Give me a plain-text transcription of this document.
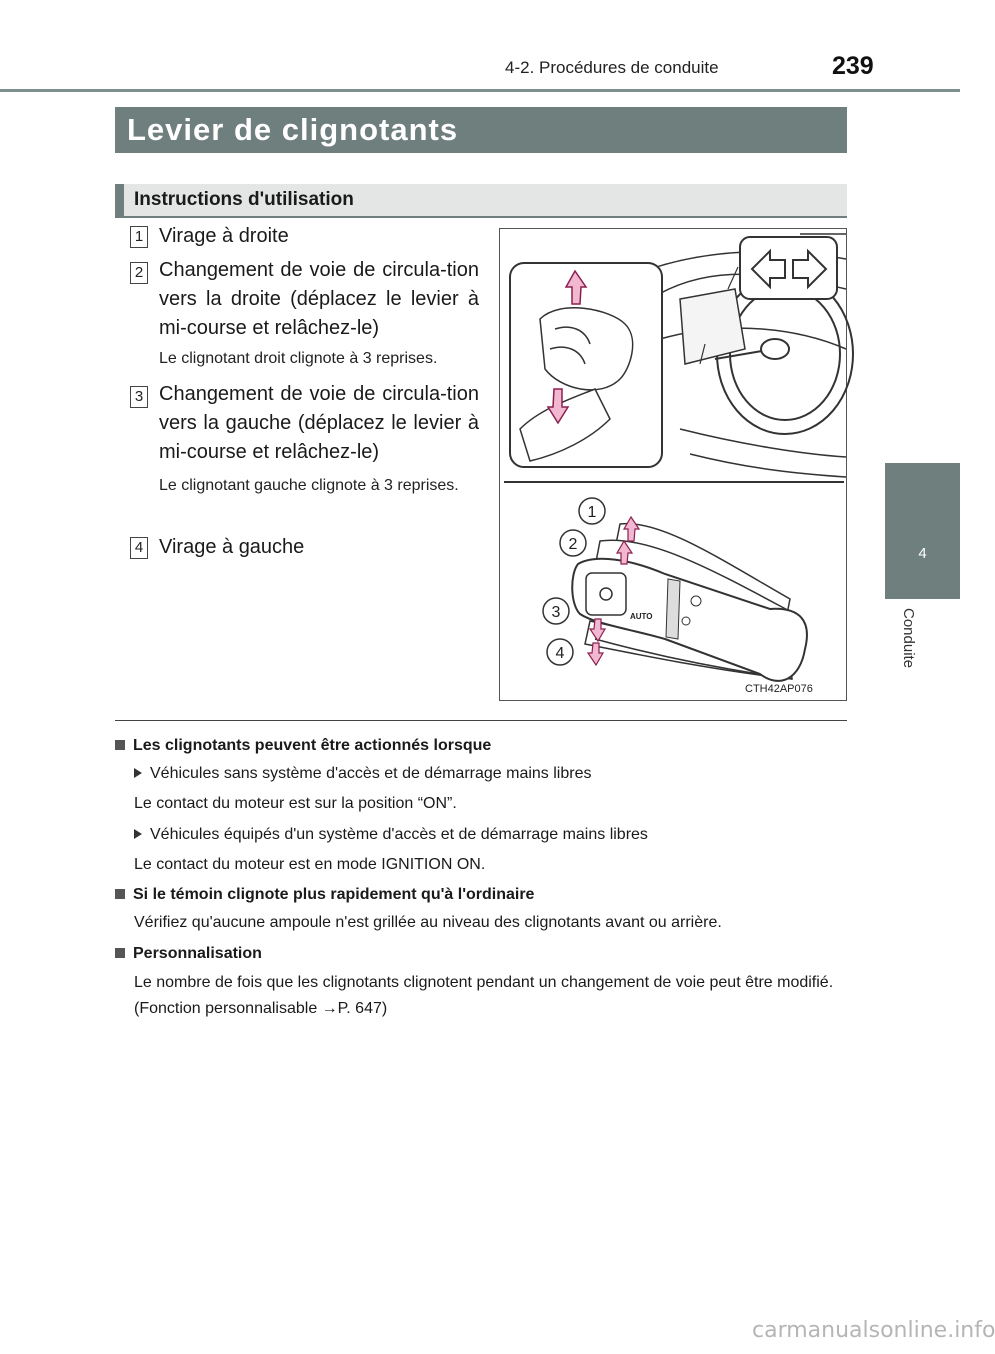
4-2. Procédures de conduite	239
4
Conduite
Levier de clignotants
Instructions d'utilisation
1 Virage à droite
2 Changement de voie de circula-tion vers la droite (déplacez le levier à mi-course et relâchez-le)
Le clignotant droit clignote à 3 reprises.
3 Changement de voie de circula-tion vers la gauche (déplacez le levier à mi-course et relâchez-le)
Le clignotant gauche clignote à 3 reprises.
4 Virage à gauche
AUTO
1
2
3
4
CTH42AP076
Les clignotants peuvent être actionnés lorsque
Véhicules sans système d'accès et de démarrage mains libres
Le contact du moteur est sur la position “ON”.
Véhicules équipés d'un système d'accès et de démarrage mains libres
Le contact du moteur est en mode IGNITION ON.
Si le témoin clignote plus rapidement qu'à l'ordinaire
Vérifiez qu'aucune ampoule n'est grillée au niveau des clignotants avant ou arrière.
Personnalisation
Le nombre de fois que les clignotants clignotent pendant un changement de voie peut être modifié. (Fonction personnalisable →P. 647)
carmanualsonline.info
